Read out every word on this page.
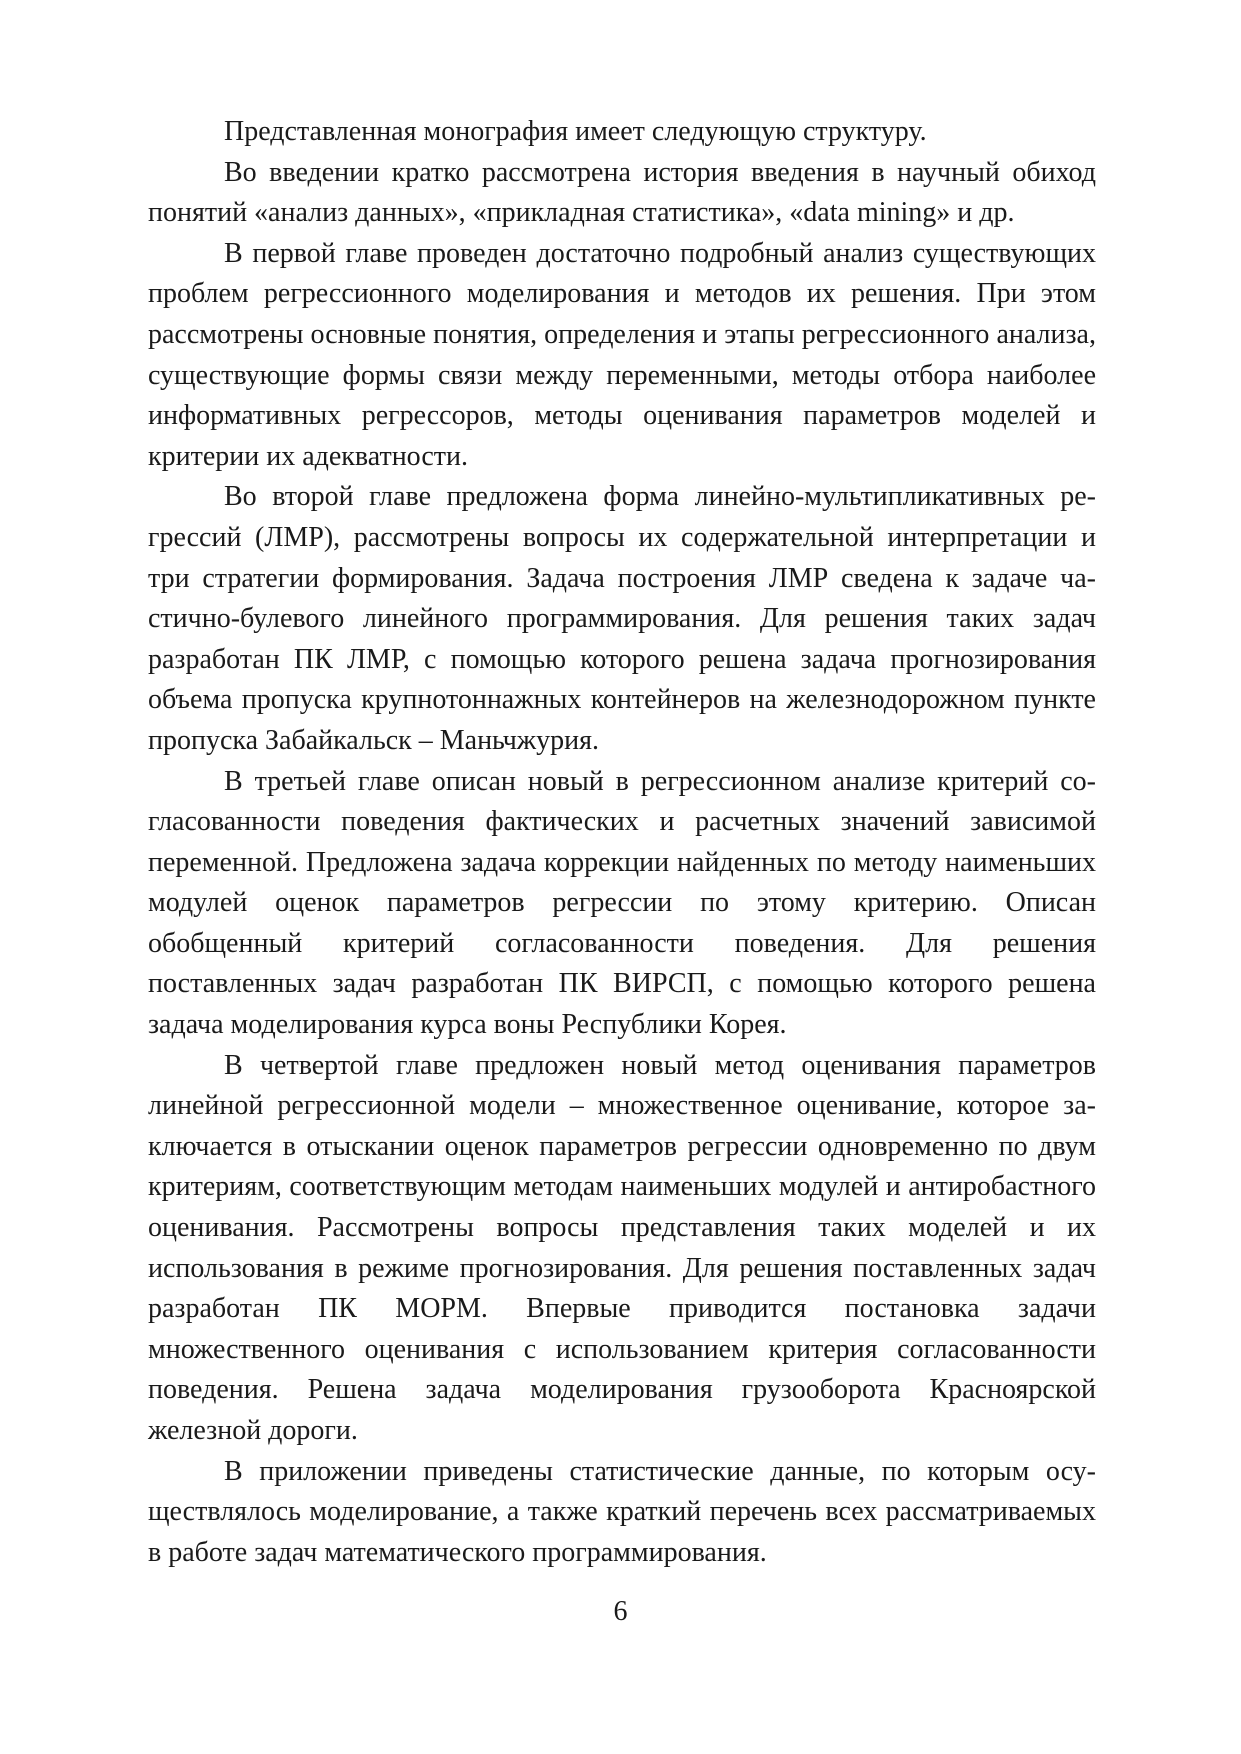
Представленная монография имеет следующую структуру.

Во введении кратко рассмотрена история введения в научный обиход понятий «анализ данных», «прикладная статистика», «data mining» и др.

В первой главе проведен достаточно подробный анализ существующих проблем регрессионного моделирования и методов их решения. При этом рассмотрены основные понятия, определения и этапы регрессионного анализа, существующие формы связи между переменными, методы отбора наиболее информативных регрессоров, методы оценивания параметров моделей и критерии их адекватности.

Во второй главе предложена форма линейно-мультипликативных регрессий (ЛМР), рассмотрены вопросы их содержательной интерпретации и три стратегии формирования. Задача построения ЛМР сведена к задаче частично-булевого линейного программирования. Для решения таких задач разработан ПК ЛМР, с помощью которого решена задача прогнозирования объема пропуска крупнотоннажных контейнеров на железнодорожном пункте пропуска Забайкальск – Маньчжурия.

В третьей главе описан новый в регрессионном анализе критерий согласованности поведения фактических и расчетных значений зависимой переменной. Предложена задача коррекции найденных по методу наименьших модулей оценок параметров регрессии по этому критерию. Описан обобщенный критерий согласованности поведения. Для решения поставленных задач разработан ПК ВИРСП, с помощью которого решена задача моделирования курса воны Республики Корея.

В четвертой главе предложен новый метод оценивания параметров линейной регрессионной модели – множественное оценивание, которое заключается в отыскании оценок параметров регрессии одновременно по двум критериям, соответствующим методам наименьших модулей и антиробастного оценивания. Рассмотрены вопросы представления таких моделей и их использования в режиме прогнозирования. Для решения поставленных задач разработан ПК МОРМ. Впервые приводится постановка задачи множественного оценивания с использованием критерия согласованности поведения. Решена задача моделирования грузооборота Красноярской железной дороги.

В приложении приведены статистические данные, по которым осуществлялось моделирование, а также краткий перечень всех рассматриваемых в работе задач математического программирования.

6
